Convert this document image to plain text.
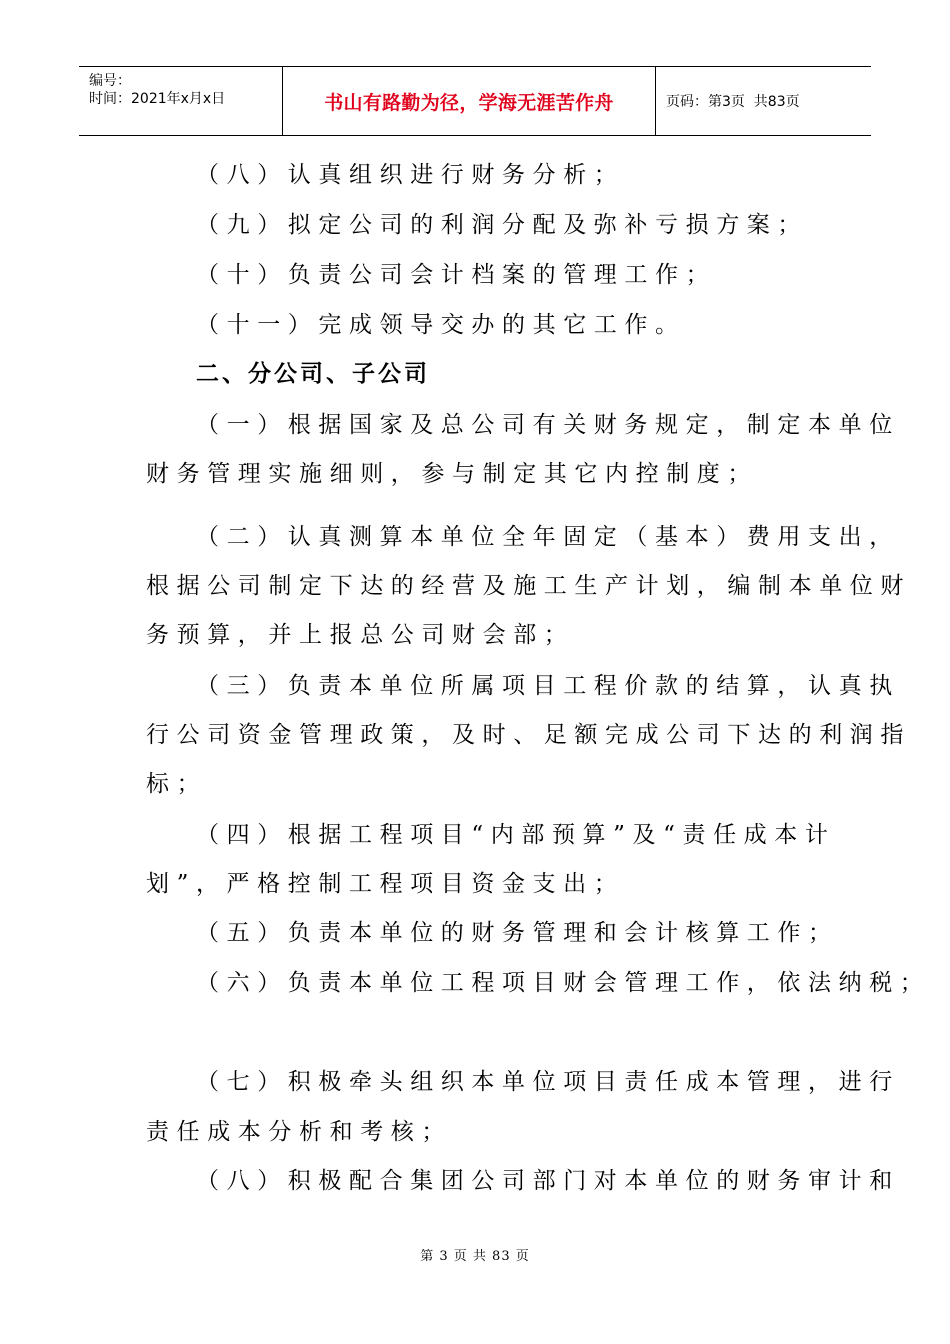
编号：
时间：2021年x月x日	书山有路勤为径，学海无涯苦作舟	页码：第3页  共83页
（八）认真组织进行财务分析；
（九）拟定公司的利润分配及弥补亏损方案；
（十）负责公司会计档案的管理工作；
（十一）完成领导交办的其它工作。
二、分公司、子公司
（一）根据国家及总公司有关财务规定，制定本单位
财务管理实施细则，参与制定其它内控制度；
（二）认真测算本单位全年固定（基本）费用支出，
根据公司制定下达的经营及施工生产计划，编制本单位财
务预算，并上报总公司财会部；
（三）负责本单位所属项目工程价款的结算，认真执
行公司资金管理政策，及时、足额完成公司下达的利润指
标；
（四）根据工程项目“内部预算”及“责任成本计
划”，严格控制工程项目资金支出；
（五）负责本单位的财务管理和会计核算工作；
（六）负责本单位工程项目财会管理工作，依法纳税；
（七）积极牵头组织本单位项目责任成本管理，进行
责任成本分析和考核；
（八）积极配合集团公司部门对本单位的财务审计和
第 3 页 共 83 页
